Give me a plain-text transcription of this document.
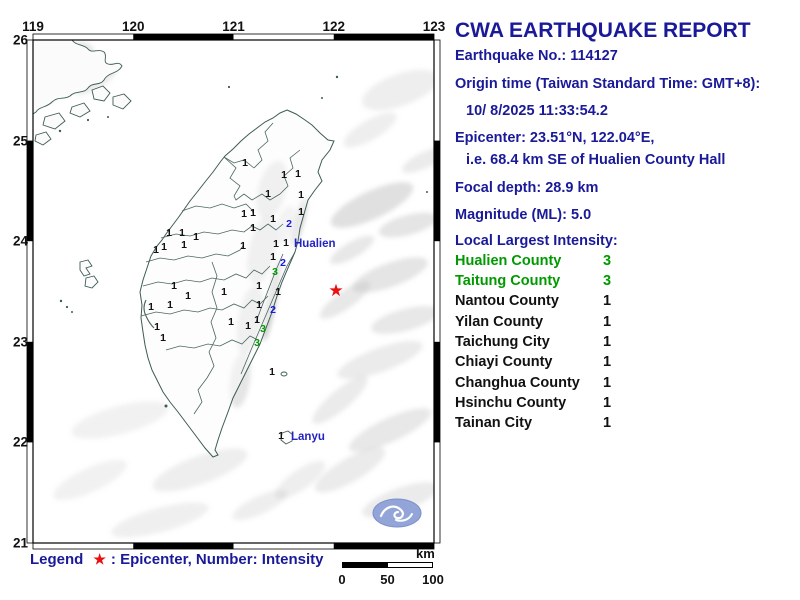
119	120	121	122	123
26
25
24
23
22
21
1
1 1
1	1
1
1 1 1 2
1
1 1 1
1 1	1	1 1
1
1 2
3
1	1 1
1	1
1 2
1 1
1 1
1 3
1
1	3
1
1
Hualien
Lanyu
★
Legend ★ : Epicenter, Number: Intensity	km
0	50 100
CWA EARTHQUAKE REPORT
Earthquake No.: 114127
Origin time (Taiwan Standard Time: GMT+8):
10/ 8/2025 11:33:54.2
Epicenter: 23.51°N, 122.04°E,
i.e. 68.4 km SE of Hualien County Hall
Focal depth: 28.9 km
Magnitude (ML): 5.0
Local Largest Intensity:
Hualien County	3
Taitung County	3
Nantou County	1
Yilan County	1
Taichung City	1
Chiayi County	1
Changhua County 1
Hsinchu County	1
Tainan City	1
